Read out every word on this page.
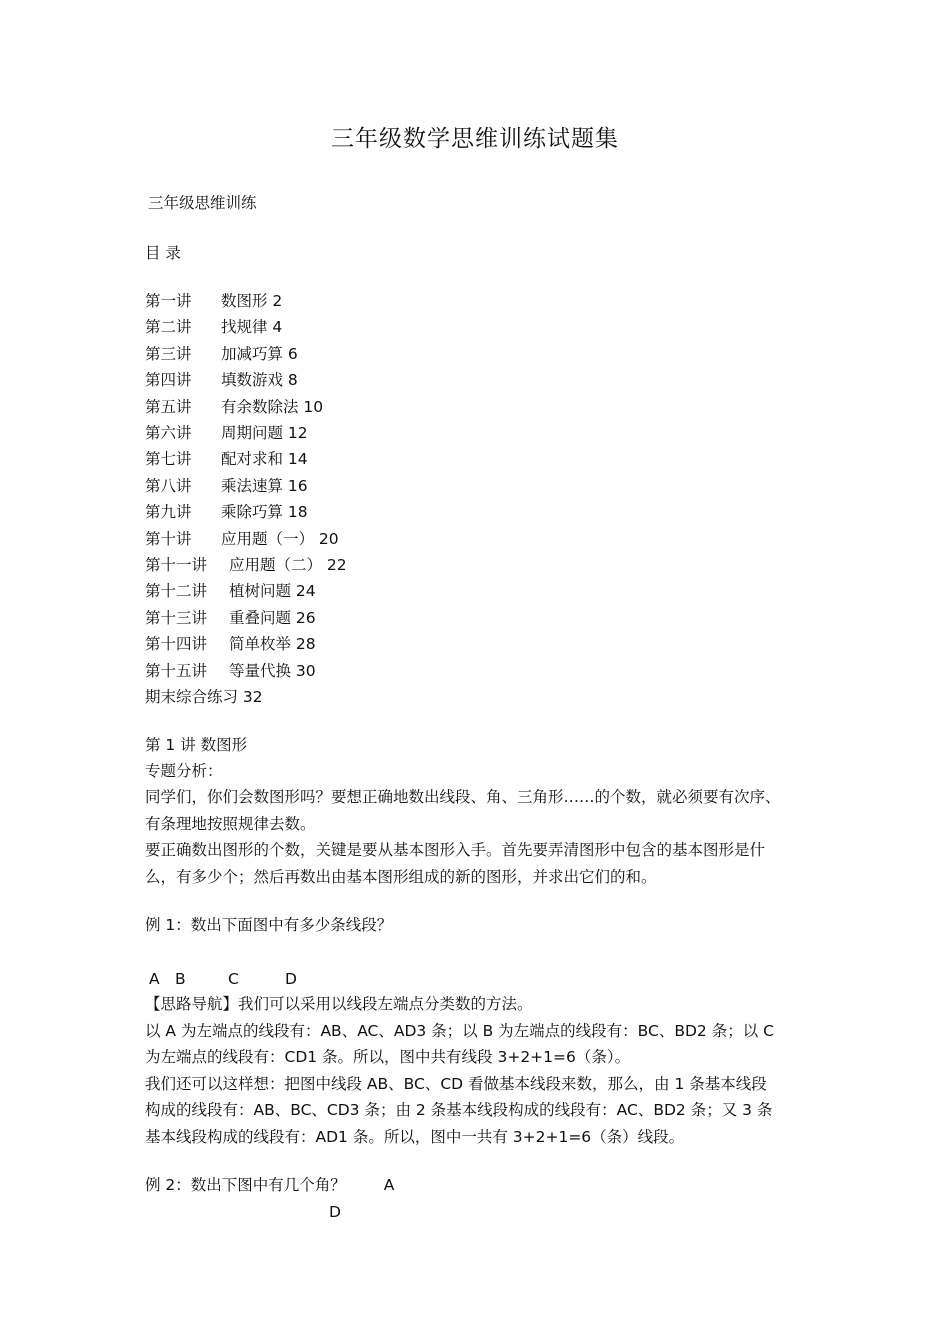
三年级数学思维训练试题集
三年级思维训练
目 录
第一讲 数图形 2
第二讲 找规律 4
第三讲 加减巧算 6
第四讲 填数游戏 8
第五讲 有余数除法 10
第六讲 周期问题 12
第七讲 配对求和 14
第八讲 乘法速算 16
第九讲 乘除巧算 18
第十讲 应用题（一） 20
第十一讲 应用题（二） 22
第十二讲 植树问题 24
第十三讲 重叠问题 26
第十四讲 简单枚举 28
第十五讲 等量代换 30
期末综合练习 32
第 1 讲 数图形
专题分析：
同学们，你们会数图形吗？要想正确地数出线段、角、三角形……的个数，就必须要有次序、
有条理地按照规律去数。
要正确数出图形的个数，关键是要从基本图形入手。首先要弄清图形中包含的基本图形是什
么，有多少个；然后再数出由基本图形组成的新的图形，并求出它们的和。
例 1：数出下面图中有多少条线段？
A B	C	D
【思路导航】我们可以采用以线段左端点分类数的方法。
以 A 为左端点的线段有：AB、AC、AD3 条；以 B 为左端点的线段有：BC、BD2 条；以 C
为左端点的线段有：CD1 条。所以，图中共有线段 3+2+1=6（条）。
我们还可以这样想：把图中线段 AB、BC、CD 看做基本线段来数，那么，由 1 条基本线段
构成的线段有：AB、BC、CD3 条；由 2 条基本线段构成的线段有：AC、BD2 条；又 3 条
基本线段构成的线段有：AD1 条。所以，图中一共有 3+2+1=6（条）线段。
例 2：数出下图中有几个角？ A
D
